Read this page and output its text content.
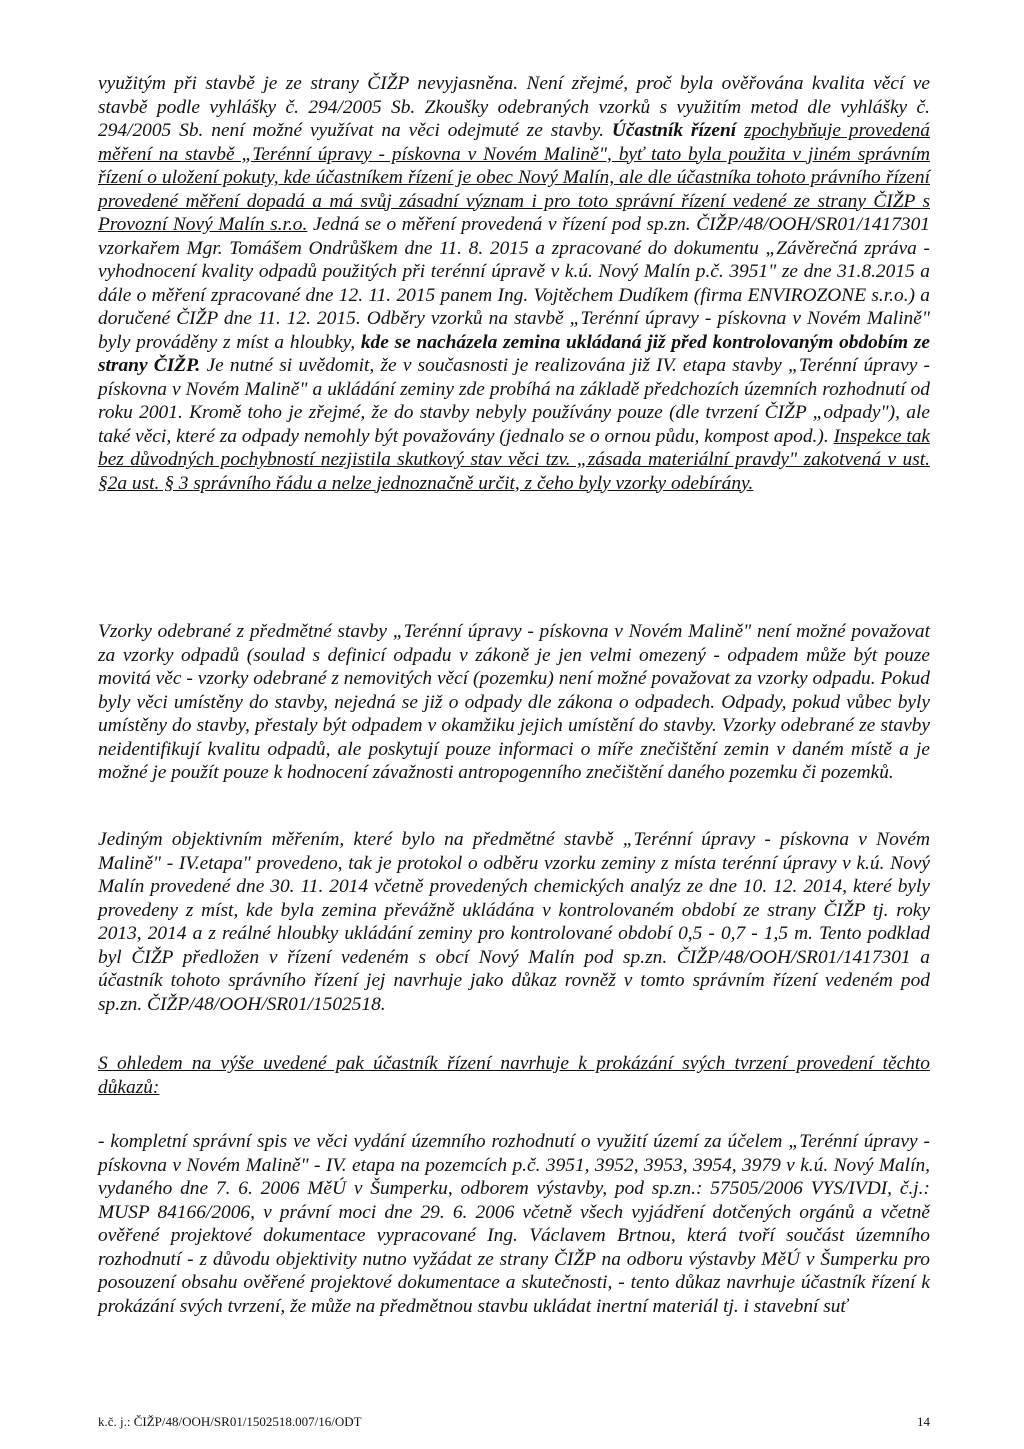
využitým při stavbě je ze strany ČIŽP nevyjasněna. Není zřejmé, proč byla ověřována kvalita věcí ve stavbě podle vyhlášky č. 294/2005 Sb. Zkoušky odebraných vzorků s využitím metod dle vyhlášky č. 294/2005 Sb. není možné využívat na věci odejmuté ze stavby. Účastník řízení zpochybňuje provedená měření na stavbě „Terénní úpravy - pískovna v Novém Malině", byť tato byla použita v jiném správním řízení o uložení pokuty, kde účastníkem řízení je obec Nový Malín, ale dle účastníka tohoto právního řízení provedené měření dopadá a má svůj zásadní význam i pro toto správní řízení vedené ze strany ČIŽP s Provozní Nový Malín s.r.o. Jedná se o měření provedená v řízení pod sp.zn. ČIŽP/48/OOH/SR01/1417301 vzorkařem Mgr. Tomášem Ondrůškem dne 11. 8. 2015 a zpracované do dokumentu „Závěrečná zpráva - vyhodnocení kvality odpadů použitých při terénní úpravě v k.ú. Nový Malín p.č. 3951" ze dne 31.8.2015 a dále o měření zpracované dne 12. 11. 2015 panem Ing. Vojtěchem Dudíkem (firma ENVIROZONE s.r.o.) a doručené ČIŽP dne 11. 12. 2015. Odběry vzorků na stavbě „Terénní úpravy - pískovna v Novém Malině" byly prováděny z míst a hloubky, kde se nacházela zemina ukládaná již před kontrolovaným obdobím ze strany ČIŽP. Je nutné si uvědomit, že v současnosti je realizována již IV. etapa stavby „Terénní úpravy - pískovna v Novém Malině" a ukládání zeminy zde probíhá na základě předchozích územních rozhodnutí od roku 2001. Kromě toho je zřejmé, že do stavby nebyly používány pouze (dle tvrzení ČIŽP „odpady"), ale také věci, které za odpady nemohly být považovány (jednalo se o ornou půdu, kompost apod.). Inspekce tak bez důvodných pochybností nezjistila skutkový stav věci tzv. „zásada materiální pravdy" zakotvená v ust. §2a ust. § 3 správního řádu a nelze jednoznačně určit, z čeho byly vzorky odebírány.

Vzorky odebrané z předmětné stavby „Terénní úpravy - pískovna v Novém Malině" není možné považovat za vzorky odpadů (soulad s definicí odpadu v zákoně je jen velmi omezený - odpadem může být pouze movitá věc - vzorky odebrané z nemovitých věcí (pozemku) není možné považovat za vzorky odpadu. Pokud byly věci umístěny do stavby, nejedná se již o odpady dle zákona o odpadech. Odpady, pokud vůbec byly umístěny do stavby, přestaly být odpadem v okamžiku jejich umístění do stavby. Vzorky odebrané ze stavby neidentifikují kvalitu odpadů, ale poskytují pouze informaci o míře znečištění zemin v daném místě a je možné je použít pouze k hodnocení závažnosti antropogenního znečištění daného pozemku či pozemků.

Jediným objektivním měřením, které bylo na předmětné stavbě „Terénní úpravy - pískovna v Novém Malině" - IV.etapa" provedeno, tak je protokol o odběru vzorku zeminy z místa terénní úpravy v k.ú. Nový Malín provedené dne 30. 11. 2014 včetně provedených chemických analýz ze dne 10. 12. 2014, které byly provedeny z míst, kde byla zemina převážně ukládána v kontrolovaném období ze strany ČIŽP tj. roky 2013, 2014 a z reálné hloubky ukládání zeminy pro kontrolované období 0,5 - 0,7 - 1,5 m. Tento podklad byl ČIŽP předložen v řízení vedeném s obcí Nový Malín pod sp.zn. ČIŽP/48/OOH/SR01/1417301 a účastník tohoto správního řízení jej navrhuje jako důkaz rovněž v tomto správním řízení vedeném pod sp.zn. ČIŽP/48/OOH/SR01/1502518.

S ohledem na výše uvedené pak účastník řízení navrhuje k prokázání svých tvrzení provedení těchto důkazů:

- kompletní správní spis ve věci vydání územního rozhodnutí o využití území za účelem „Terénní úpravy - pískovna v Novém Malině" - IV. etapa na pozemcích p.č. 3951, 3952, 3953, 3954, 3979 v k.ú. Nový Malín, vydaného dne 7. 6. 2006 MěÚ v Šumperku, odborem výstavby, pod sp.zn.: 57505/2006 VYS/IVDI, č.j.: MUSP 84166/2006, v právní moci dne 29. 6. 2006 včetně všech vyjádření dotčených orgánů a včetně ověřené projektové dokumentace vypracované Ing. Václavem Brtnou, která tvoří součást územního rozhodnutí - z důvodu objektivity nutno vyžádat ze strany ČIŽP na odboru výstavby MěÚ v Šumperku pro posouzení obsahu ověřené projektové dokumentace a skutečnosti, - tento důkaz navrhuje účastník řízení k prokázání svých tvrzení, že může na předmětnou stavbu ukládat inertní materiál tj. i stavební suť

k.č. j.: ČIŽP/48/OOH/SR01/1502518.007/16/ODT	14
